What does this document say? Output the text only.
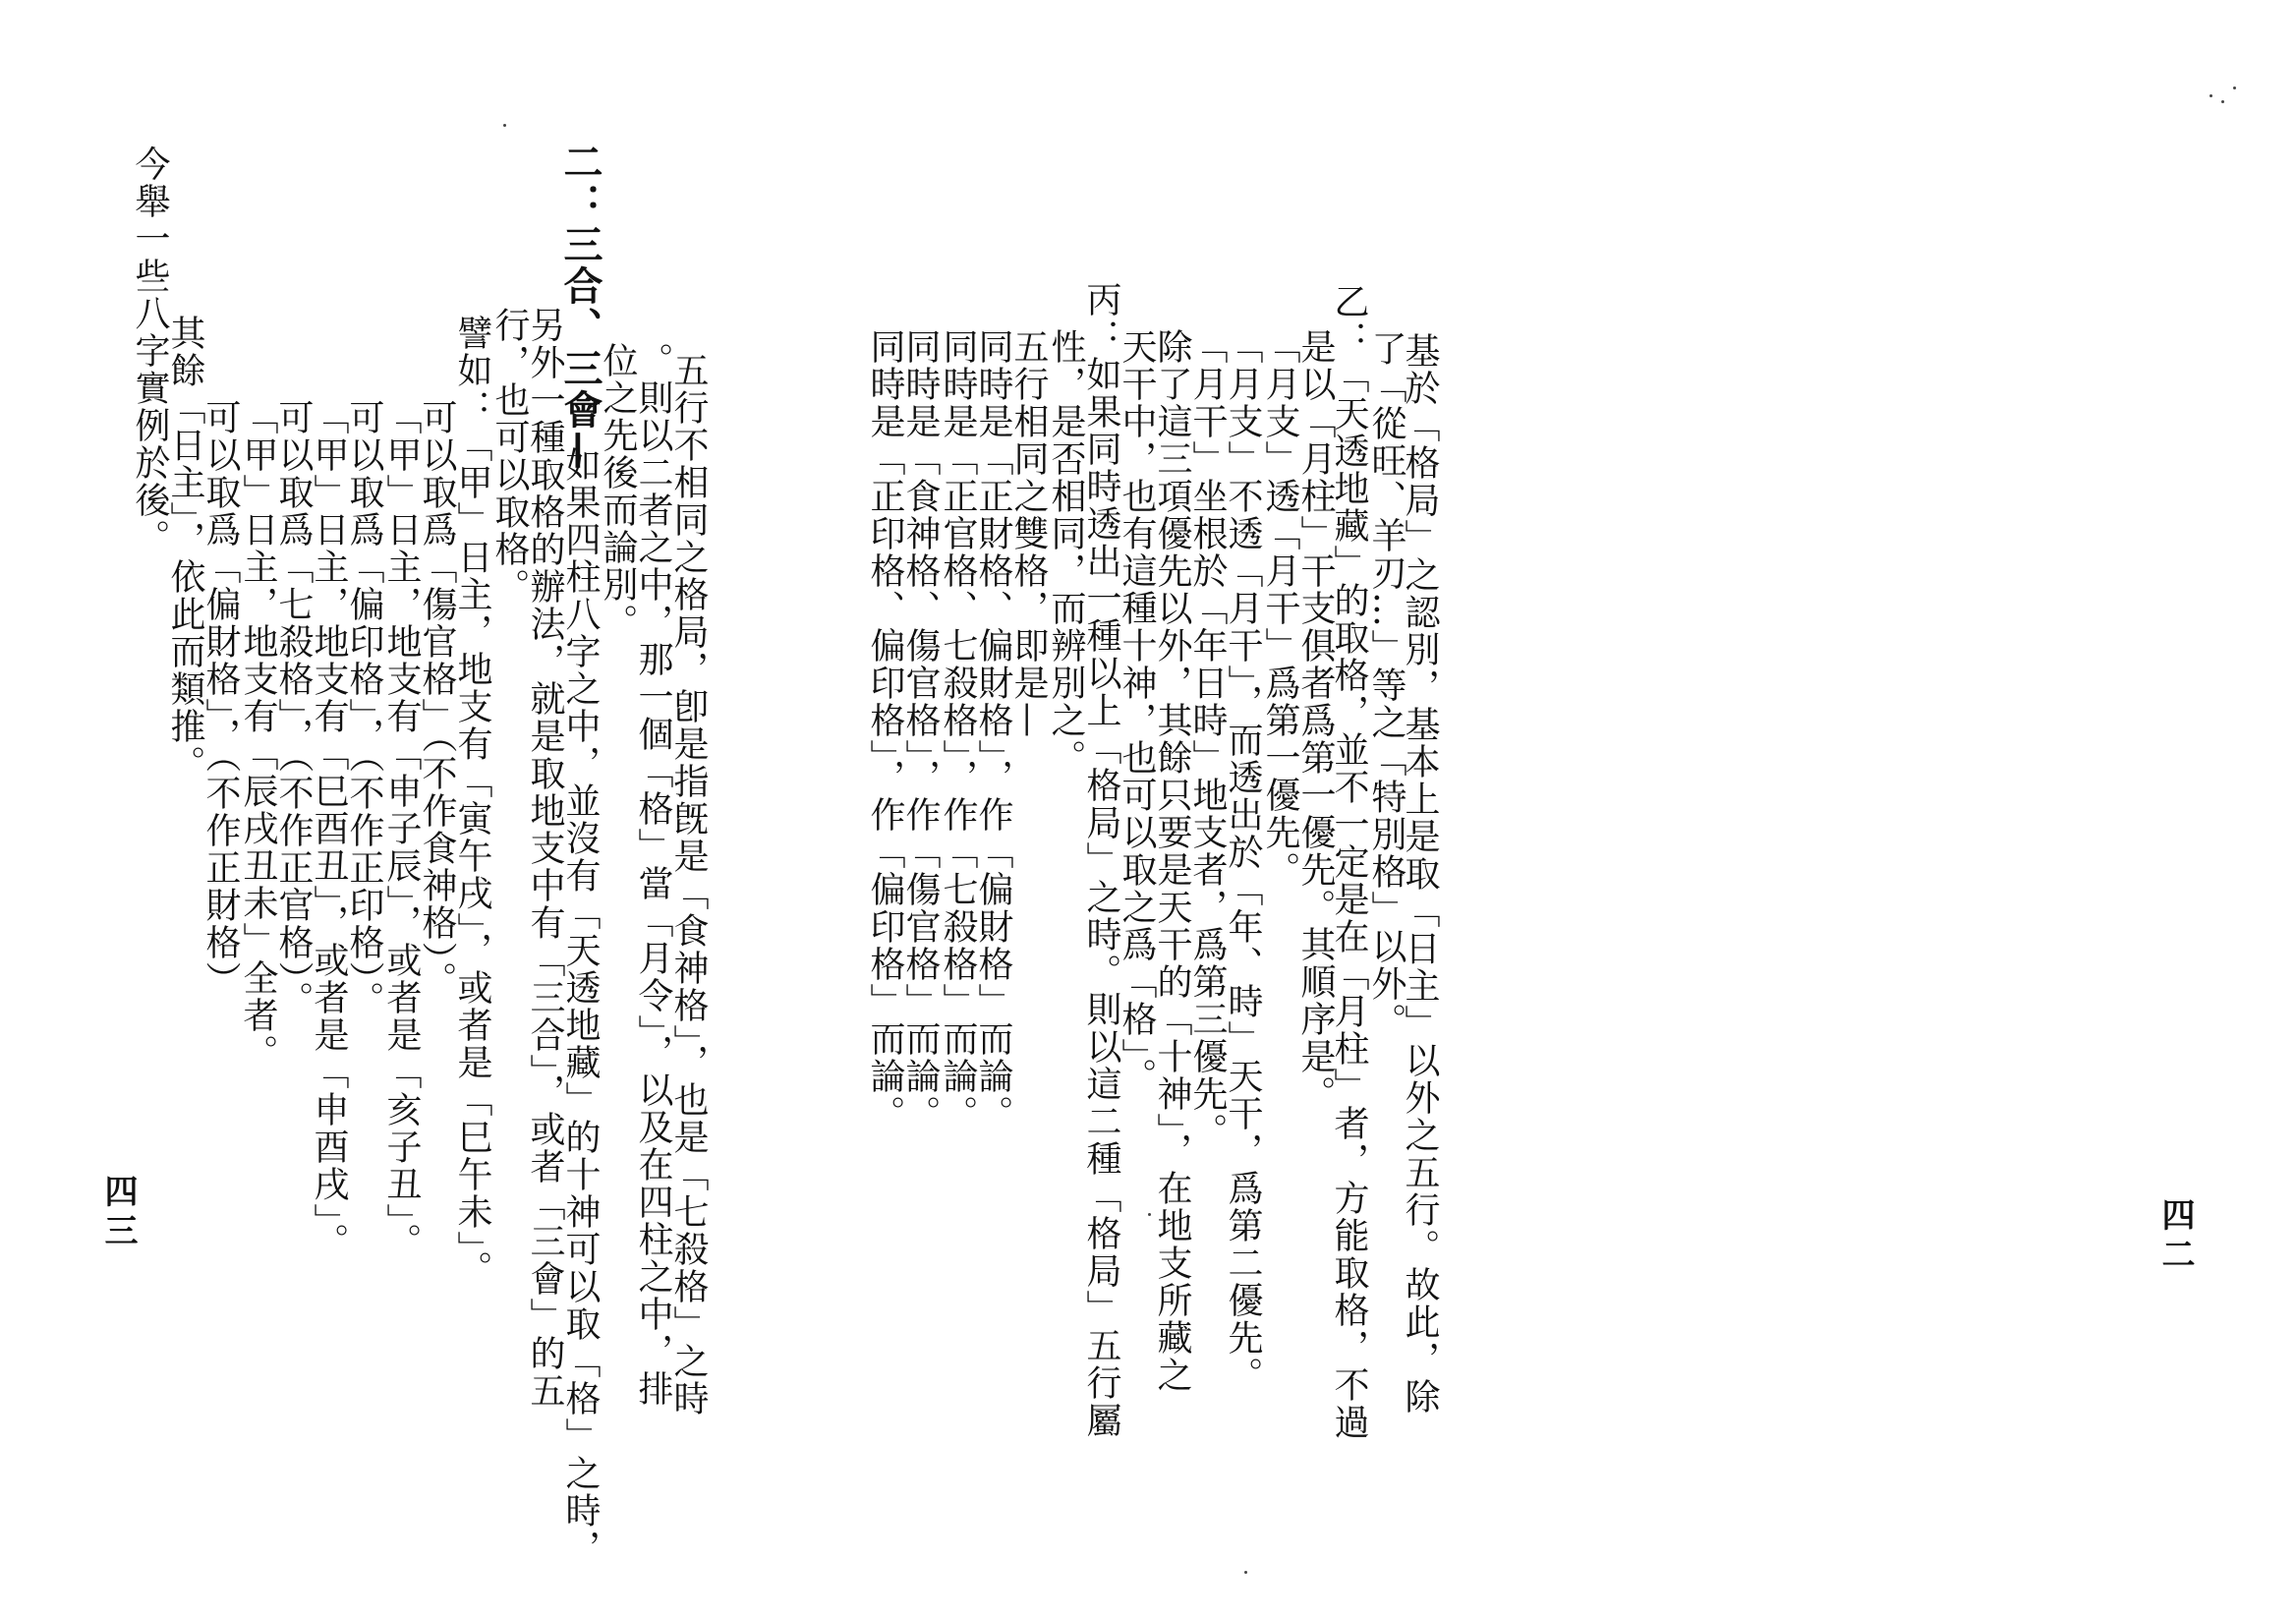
四二
基於「格局」之認別，基本上是取「日主」以外之五行。故此，除
了「從旺、羊刃…」等之「特別格」以外。
乙：「天透地藏」的取格，並不一定是在「月柱」者，方能取格，不過
是以「月柱」干支俱者爲第一優先。其順序是。
「月支」透「月干」爲第一優先。
「月支」不透「月干」，而透出於「年、時」天干，爲第二優先。
「月干」坐根於「年日時」地支者，爲第三優先。
除了這三項優先以外，其餘只要是天干的「十神」，在地支所藏之
天干中，也有這種十神，也可以取之爲「格」。
丙：如果同時透出一種以上「格局」之時。則以這二種「格局」五行屬
性，是否相同，而辨別之。
五行相同之雙格，即是—
同時是「正財格、偏財格」，作「偏財格」而論。
同時是「正官格、七殺格」，作「七殺格」而論。
同時是「食神格、傷官格」，作「傷官格」而論。
同時是「正印格、偏印格」，作「偏印格」而論。
五行不相同之格局，卽是指旣是「食神格」，也是「七殺格」之時
。則以二者之中，那一個「格」當「月令」，以及在四柱之中，排
位之先後而論別。
二：三合、三會—
如果四柱八字之中，並沒有「天透地藏」的十神可以取「格」之時，
另外一種取格的辦法，就是取地支中有「三合」，或者「三會」的五
行，也可以取格。
譬如：「甲」日主，地支有「寅午戌」，或者是「巳午未」。
可以取爲「傷官格」（不作食神格）。
「甲」日主，地支有「申子辰」，或者是「亥子丑」。
可以取爲「偏印格」，（不作正印格）。
「甲」日主，地支有「巳酉丑」，或者是「申酉戌」。
可以取爲「七殺格」，（不作正官格）。
「甲」日主，地支有「辰戌丑未」全者。
可以取爲「偏財格」，（不作正財格）
其餘「日主」，依此而類推。
今舉一些八字實例於後。
四三
